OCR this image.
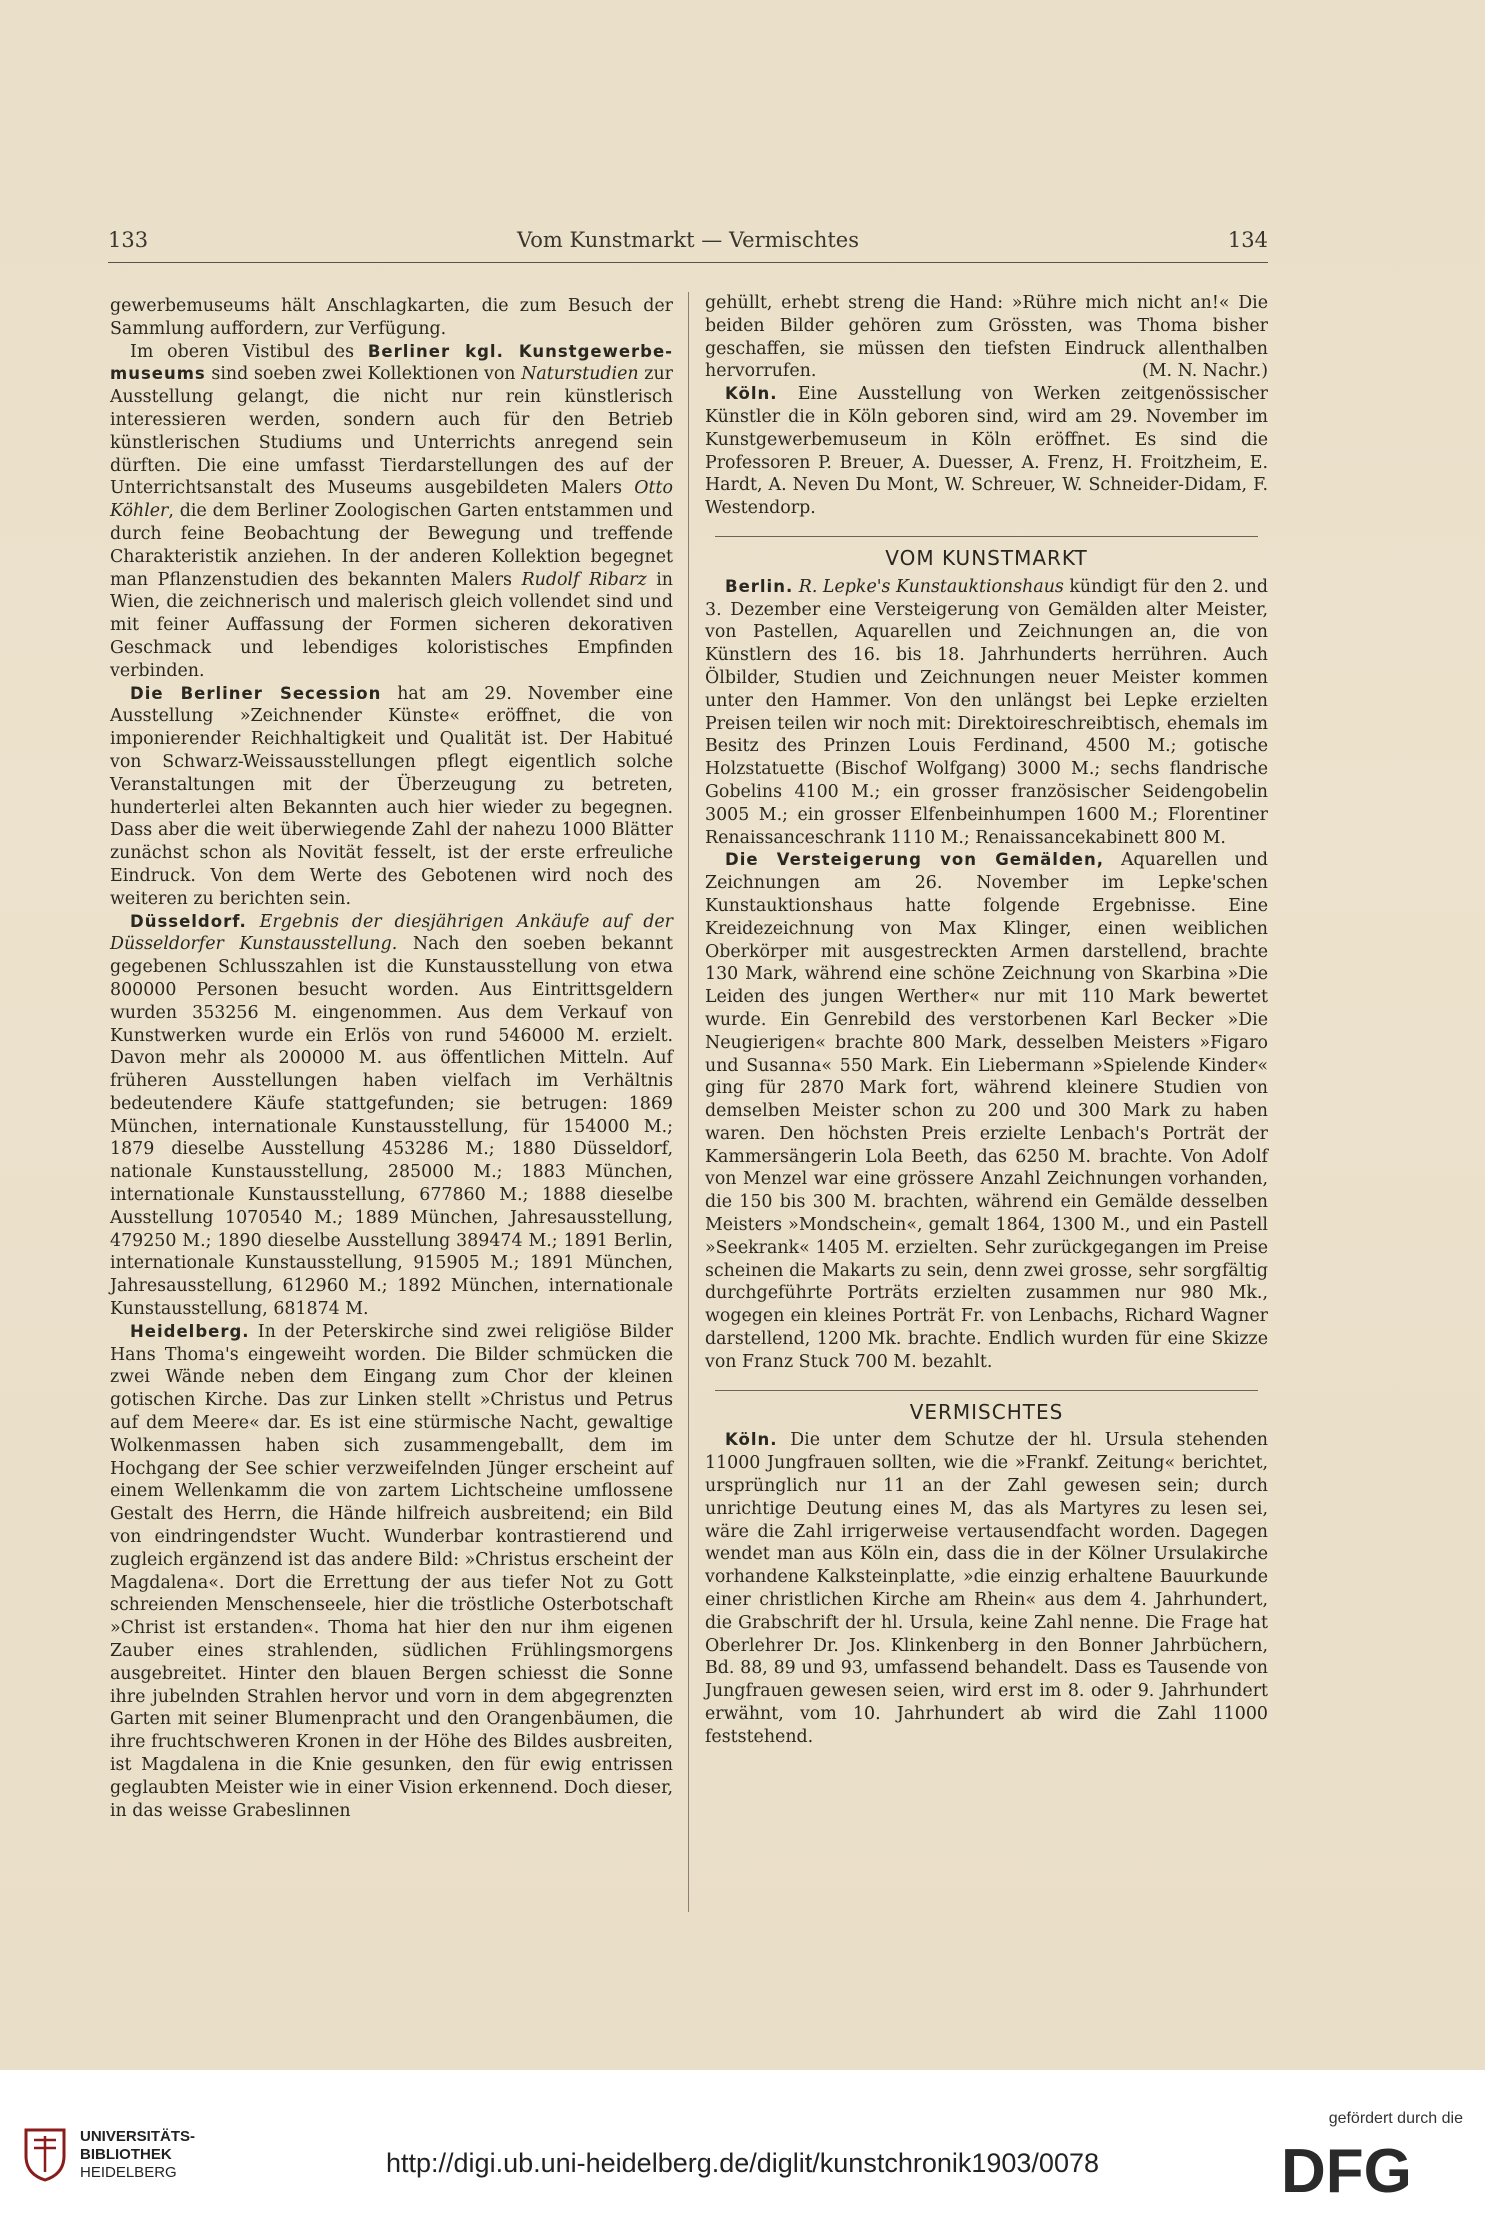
133	Vom Kunstmarkt — Vermischtes	134

gewerbemuseums hält Anschlagkarten, die zum Besuch der Sammlung auffordern, zur Verfügung.

Im oberen Vistibul des Berliner kgl. Kunstgewerbe-museums sind soeben zwei Kollektionen von Naturstudien zur Ausstellung gelangt, die nicht nur rein künstlerisch interessieren werden, sondern auch für den Betrieb künstlerischen Studiums und Unterrichts anregend sein dürften. Die eine umfasst Tierdarstellungen des auf der Unterrichtsanstalt des Museums ausgebildeten Malers Otto Köhler, die dem Berliner Zoologischen Garten entstammen und durch feine Beobachtung der Bewegung und treffende Charakteristik anziehen. In der anderen Kollektion begegnet man Pflanzenstudien des bekannten Malers Rudolf Ribarz in Wien, die zeichnerisch und malerisch gleich vollendet sind und mit feiner Auffassung der Formen sicheren dekorativen Geschmack und lebendiges koloristisches Empfinden verbinden.

Die Berliner Secession hat am 29. November eine Ausstellung »Zeichnender Künste« eröffnet, die von imponierender Reichhaltigkeit und Qualität ist. Der Habitué von Schwarz-Weissausstellungen pflegt eigentlich solche Veranstaltungen mit der Überzeugung zu betreten, hunderterlei alten Bekannten auch hier wieder zu begegnen. Dass aber die weit überwiegende Zahl der nahezu 1000 Blätter zunächst schon als Novität fesselt, ist der erste erfreuliche Eindruck. Von dem Werte des Gebotenen wird noch des weiteren zu berichten sein.

Düsseldorf. Ergebnis der diesjährigen Ankäufe auf der Düsseldorfer Kunstausstellung. Nach den soeben bekannt gegebenen Schlusszahlen ist die Kunstausstellung von etwa 800000 Personen besucht worden. Aus Eintrittsgeldern wurden 353256 M. eingenommen. Aus dem Verkauf von Kunstwerken wurde ein Erlös von rund 546000 M. erzielt. Davon mehr als 200000 M. aus öffentlichen Mitteln. Auf früheren Ausstellungen haben vielfach im Verhältnis bedeutendere Käufe stattgefunden; sie betrugen: 1869 München, internationale Kunstausstellung, für 154000 M.; 1879 dieselbe Ausstellung 453286 M.; 1880 Düsseldorf, nationale Kunstausstellung, 285000 M.; 1883 München, internationale Kunstausstellung, 677860 M.; 1888 dieselbe Ausstellung 1070540 M.; 1889 München, Jahresausstellung, 479250 M.; 1890 dieselbe Ausstellung 389474 M.; 1891 Berlin, internationale Kunstausstellung, 915905 M.; 1891 München, Jahresausstellung, 612960 M.; 1892 München, internationale Kunstausstellung, 681874 M.

Heidelberg. In der Peterskirche sind zwei religiöse Bilder Hans Thoma's eingeweiht worden. Die Bilder schmücken die zwei Wände neben dem Eingang zum Chor der kleinen gotischen Kirche. Das zur Linken stellt »Christus und Petrus auf dem Meere« dar. Es ist eine stürmische Nacht, gewaltige Wolkenmassen haben sich zusammengeballt, dem im Hochgang der See schier verzweifelnden Jünger erscheint auf einem Wellenkamm die von zartem Lichtscheine umflossene Gestalt des Herrn, die Hände hilfreich ausbreitend; ein Bild von eindringendster Wucht. Wunderbar kontrastierend und zugleich ergänzend ist das andere Bild: »Christus erscheint der Magdalena«. Dort die Errettung der aus tiefer Not zu Gott schreienden Menschenseele, hier die tröstliche Osterbotschaft »Christ ist erstanden«. Thoma hat hier den nur ihm eigenen Zauber eines strahlenden, südlichen Frühlingsmorgens ausgebreitet. Hinter den blauen Bergen schiesst die Sonne ihre jubelnden Strahlen hervor und vorn in dem abgegrenzten Garten mit seiner Blumenpracht und den Orangenbäumen, die ihre fruchtschweren Kronen in der Höhe des Bildes ausbreiten, ist Magdalena in die Knie gesunken, den für ewig entrissen geglaubten Meister wie in einer Vision erkennend. Doch dieser, in das weisse Grabeslinnen

gehüllt, erhebt streng die Hand: »Rühre mich nicht an!« Die beiden Bilder gehören zum Grössten, was Thoma bisher geschaffen, sie müssen den tiefsten Eindruck allenthalben hervorrufen.	(M. N. Nachr.)

Köln. Eine Ausstellung von Werken zeitgenössischer Künstler die in Köln geboren sind, wird am 29. November im Kunstgewerbemuseum in Köln eröffnet. Es sind die Professoren P. Breuer, A. Duesser, A. Frenz, H. Froitzheim, E. Hardt, A. Neven Du Mont, W. Schreuer, W. Schneider-Didam, F. Westendorp.

VOM KUNSTMARKT

Berlin. R. Lepke's Kunstauktionshaus kündigt für den 2. und 3. Dezember eine Versteigerung von Gemälden alter Meister, von Pastellen, Aquarellen und Zeichnungen an, die von Künstlern des 16. bis 18. Jahrhunderts herrühren. Auch Ölbilder, Studien und Zeichnungen neuer Meister kommen unter den Hammer. Von den unlängst bei Lepke erzielten Preisen teilen wir noch mit: Direktoireschreibtisch, ehemals im Besitz des Prinzen Louis Ferdinand, 4500 M.; gotische Holzstatuette (Bischof Wolfgang) 3000 M.; sechs flandrische Gobelins 4100 M.; ein grosser französischer Seidengobelin 3005 M.; ein grosser Elfenbeinhumpen 1600 M.; Florentiner Renaissanceschrank 1110 M.; Renaissancekabinett 800 M.

Die Versteigerung von Gemälden, Aquarellen und Zeichnungen am 26. November im Lepke'schen Kunstauktionshaus hatte folgende Ergebnisse. Eine Kreidezeichnung von Max Klinger, einen weiblichen Oberkörper mit ausgestreckten Armen darstellend, brachte 130 Mark, während eine schöne Zeichnung von Skarbina »Die Leiden des jungen Werther« nur mit 110 Mark bewertet wurde. Ein Genrebild des verstorbenen Karl Becker »Die Neugierigen« brachte 800 Mark, desselben Meisters »Figaro und Susanna« 550 Mark. Ein Liebermann »Spielende Kinder« ging für 2870 Mark fort, während kleinere Studien von demselben Meister schon zu 200 und 300 Mark zu haben waren. Den höchsten Preis erzielte Lenbach's Porträt der Kammersängerin Lola Beeth, das 6250 M. brachte. Von Adolf von Menzel war eine grössere Anzahl Zeichnungen vorhanden, die 150 bis 300 M. brachten, während ein Gemälde desselben Meisters »Mondschein«, gemalt 1864, 1300 M., und ein Pastell »Seekrank« 1405 M. erzielten. Sehr zurückgegangen im Preise scheinen die Makarts zu sein, denn zwei grosse, sehr sorgfältig durchgeführte Porträts erzielten zusammen nur 980 Mk., wogegen ein kleines Porträt Fr. von Lenbachs, Richard Wagner darstellend, 1200 Mk. brachte. Endlich wurden für eine Skizze von Franz Stuck 700 M. bezahlt.

VERMISCHTES

Köln. Die unter dem Schutze der hl. Ursula stehenden 11000 Jungfrauen sollten, wie die »Frankf. Zeitung« berichtet, ursprünglich nur 11 an der Zahl gewesen sein; durch unrichtige Deutung eines M, das als Martyres zu lesen sei, wäre die Zahl irrigerweise vertausendfacht worden. Dagegen wendet man aus Köln ein, dass die in der Kölner Ursulakirche vorhandene Kalksteinplatte, »die einzig erhaltene Bauurkunde einer christlichen Kirche am Rhein« aus dem 4. Jahrhundert, die Grabschrift der hl. Ursula, keine Zahl nenne. Die Frage hat Oberlehrer Dr. Jos. Klinkenberg in den Bonner Jahrbüchern, Bd. 88, 89 und 93, umfassend behandelt. Dass es Tausende von Jungfrauen gewesen seien, wird erst im 8. oder 9. Jahrhundert erwähnt, vom 10. Jahrhundert ab wird die Zahl 11000 feststehend.

UNIVERSITÄTS-
BIBLIOTHEK
HEIDELBERG	http://digi.ub.uni-heidelberg.de/diglit/kunstchronik1903/0078
gefördert durch die
DFG
